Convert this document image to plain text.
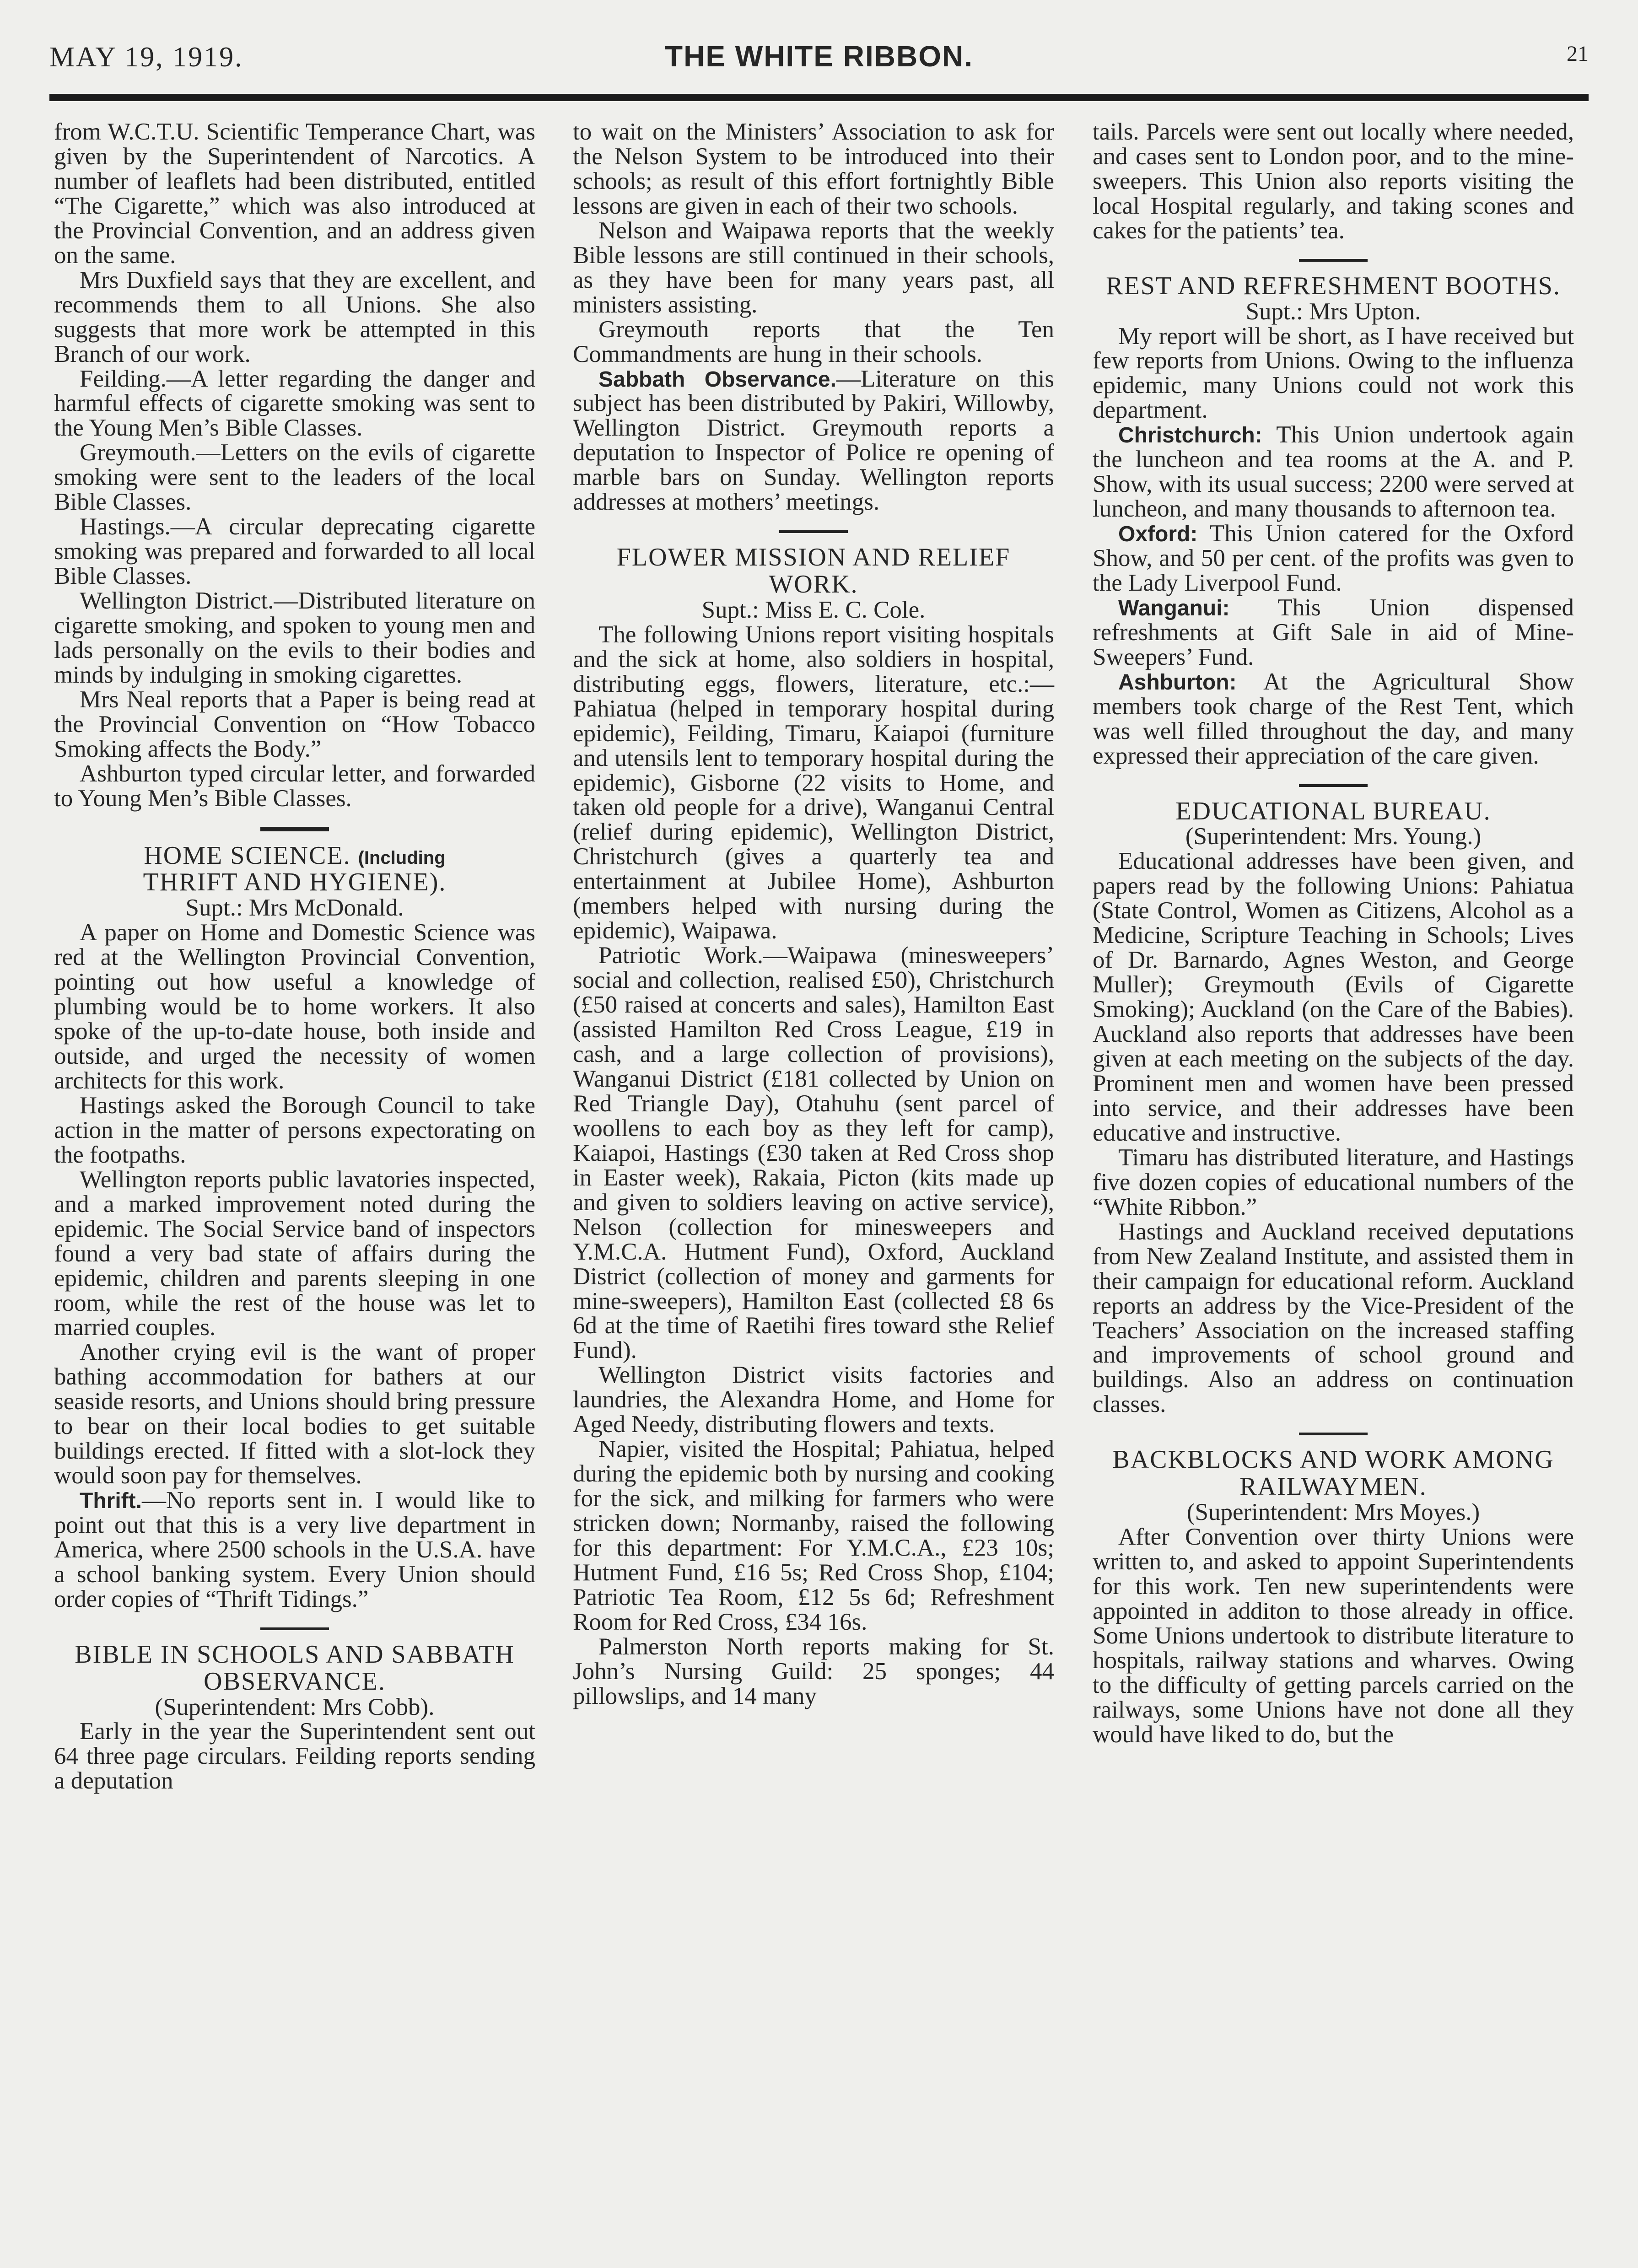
MAY 19, 1919.	THE WHITE RIBBON.	21

from W.C.T.U. Scientific Temperance Chart, was given by the Superintendent of Narcotics. A number of leaflets had been distributed, entitled “The Cigarette,” which was also introduced at the Provincial Convention, and an address given on the same.

Mrs Duxfield says that they are excellent, and recommends them to all Unions. She also suggests that more work be attempted in this Branch of our work.

Feilding.—A letter regarding the danger and harmful effects of cigarette smoking was sent to the Young Men’s Bible Classes.

Greymouth.—Letters on the evils of cigarette smoking were sent to the leaders of the local Bible Classes.

Hastings.—A circular deprecating cigarette smoking was prepared and forwarded to all local Bible Classes.

Wellington District.—Distributed literature on cigarette smoking, and spoken to young men and lads personally on the evils to their bodies and minds by indulging in smoking cigarettes.

Mrs Neal reports that a Paper is being read at the Provincial Convention on “How Tobacco Smoking affects the Body.”

Ashburton typed circular letter, and forwarded to Young Men’s Bible Classes.

HOME SCIENCE. (Including
THRIFT AND HYGIENE).

Supt.: Mrs McDonald.

A paper on Home and Domestic Science was red at the Wellington Provincial Convention, pointing out how useful a knowledge of plumbing would be to home workers. It also spoke of the up-to-date house, both inside and outside, and urged the necessity of women architects for this work.

Hastings asked the Borough Council to take action in the matter of persons expectorating on the footpaths.

Wellington reports public lavatories inspected, and a marked improvement noted during the epidemic. The Social Service band of inspectors found a very bad state of affairs during the epidemic, children and parents sleeping in one room, while the rest of the house was let to married couples.

Another crying evil is the want of proper bathing accommodation for bathers at our seaside resorts, and Unions should bring pressure to bear on their local bodies to get suitable buildings erected. If fitted with a slot-lock they would soon pay for themselves.

Thrift.—No reports sent in. I would like to point out that this is a very live department in America, where 2500 schools in the U.S.A. have a school banking system. Every Union should order copies of “Thrift Tidings.”

BIBLE IN SCHOOLS AND SABBATH OBSERVANCE.

(Superintendent: Mrs Cobb).

Early in the year the Superintendent sent out 64 three page circulars. Feilding reports sending a deputation

to wait on the Ministers’ Association to ask for the Nelson System to be introduced into their schools; as result of this effort fortnightly Bible lessons are given in each of their two schools.

Nelson and Waipawa reports that the weekly Bible lessons are still continued in their schools, as they have been for many years past, all ministers assisting.

Greymouth reports that the Ten Commandments are hung in their schools.

Sabbath Observance.—Literature on this subject has been distributed by Pakiri, Willowby, Wellington District. Greymouth reports a deputation to Inspector of Police re opening of marble bars on Sunday. Wellington reports addresses at mothers’ meetings.

FLOWER MISSION AND RELIEF WORK.

Supt.: Miss E. C. Cole.

The following Unions report visiting hospitals and the sick at home, also soldiers in hospital, distributing eggs, flowers, literature, etc.:— Pahiatua (helped in temporary hospital during epidemic), Feilding, Timaru, Kaiapoi (furniture and utensils lent to temporary hospital during the epidemic), Gisborne (22 visits to Home, and taken old people for a drive), Wanganui Central (relief during epidemic), Wellington District, Christchurch (gives a quarterly tea and entertainment at Jubilee Home), Ashburton (members helped with nursing during the epidemic), Waipawa.

Patriotic Work.—Waipawa (minesweepers’ social and collection, realised £50), Christchurch (£50 raised at concerts and sales), Hamilton East (assisted Hamilton Red Cross League, £19 in cash, and a large collection of provisions), Wanganui District (£181 collected by Union on Red Triangle Day), Otahuhu (sent parcel of woollens to each boy as they left for camp), Kaiapoi, Hastings (£30 taken at Red Cross shop in Easter week), Rakaia, Picton (kits made up and given to soldiers leaving on active service), Nelson (collection for minesweepers and Y.M.C.A. Hutment Fund), Oxford, Auckland District (collection of money and garments for mine-sweepers), Hamilton East (collected £8 6s 6d at the time of Raetihi fires toward sthe Relief Fund).

Wellington District visits factories and laundries, the Alexandra Home, and Home for Aged Needy, distributing flowers and texts.

Napier, visited the Hospital; Pahiatua, helped during the epidemic both by nursing and cooking for the sick, and milking for farmers who were stricken down; Normanby, raised the following for this department: For Y.M.C.A., £23 10s; Hutment Fund, £16 5s; Red Cross Shop, £104; Patriotic Tea Room, £12 5s 6d; Refreshment Room for Red Cross, £34 16s.

Palmerston North reports making for St. John’s Nursing Guild: 25 sponges; 44 pillowslips, and 14 many

tails. Parcels were sent out locally where needed, and cases sent to London poor, and to the mine-sweepers. This Union also reports visiting the local Hospital regularly, and taking scones and cakes for the patients’ tea.

REST AND REFRESHMENT BOOTHS.

Supt.: Mrs Upton.

My report will be short, as I have received but few reports from Unions. Owing to the influenza epidemic, many Unions could not work this department.

Christchurch: This Union undertook again the luncheon and tea rooms at the A. and P. Show, with its usual success; 2200 were served at luncheon, and many thousands to afternoon tea.

Oxford: This Union catered for the Oxford Show, and 50 per cent. of the profits was gven to the Lady Liverpool Fund.

Wanganui: This Union dispensed refreshments at Gift Sale in aid of Mine-Sweepers’ Fund.

Ashburton: At the Agricultural Show members took charge of the Rest Tent, which was well filled throughout the day, and many expressed their appreciation of the care given.

EDUCATIONAL BUREAU.

(Superintendent: Mrs. Young.)

Educational addresses have been given, and papers read by the following Unions: Pahiatua (State Control, Women as Citizens, Alcohol as a Medicine, Scripture Teaching in Schools; Lives of Dr. Barnardo, Agnes Weston, and George Muller); Greymouth (Evils of Cigarette Smoking); Auckland (on the Care of the Babies). Auckland also reports that addresses have been given at each meeting on the subjects of the day. Prominent men and women have been pressed into service, and their addresses have been educative and instructive.

Timaru has distributed literature, and Hastings five dozen copies of educational numbers of the “White Ribbon.”

Hastings and Auckland received deputations from New Zealand Institute, and assisted them in their campaign for educational reform. Auckland reports an address by the Vice-President of the Teachers’ Association on the increased staffing and improvements of school ground and buildings. Also an address on continuation classes.

BACKBLOCKS AND WORK AMONG RAILWAYMEN.

(Superintendent: Mrs Moyes.)

After Convention over thirty Unions were written to, and asked to appoint Superintendents for this work. Ten new superintendents were appointed in additon to those already in office. Some Unions undertook to distribute literature to hospitals, railway stations and wharves. Owing to the difficulty of getting parcels carried on the railways, some Unions have not done all they would have liked to do, but the
